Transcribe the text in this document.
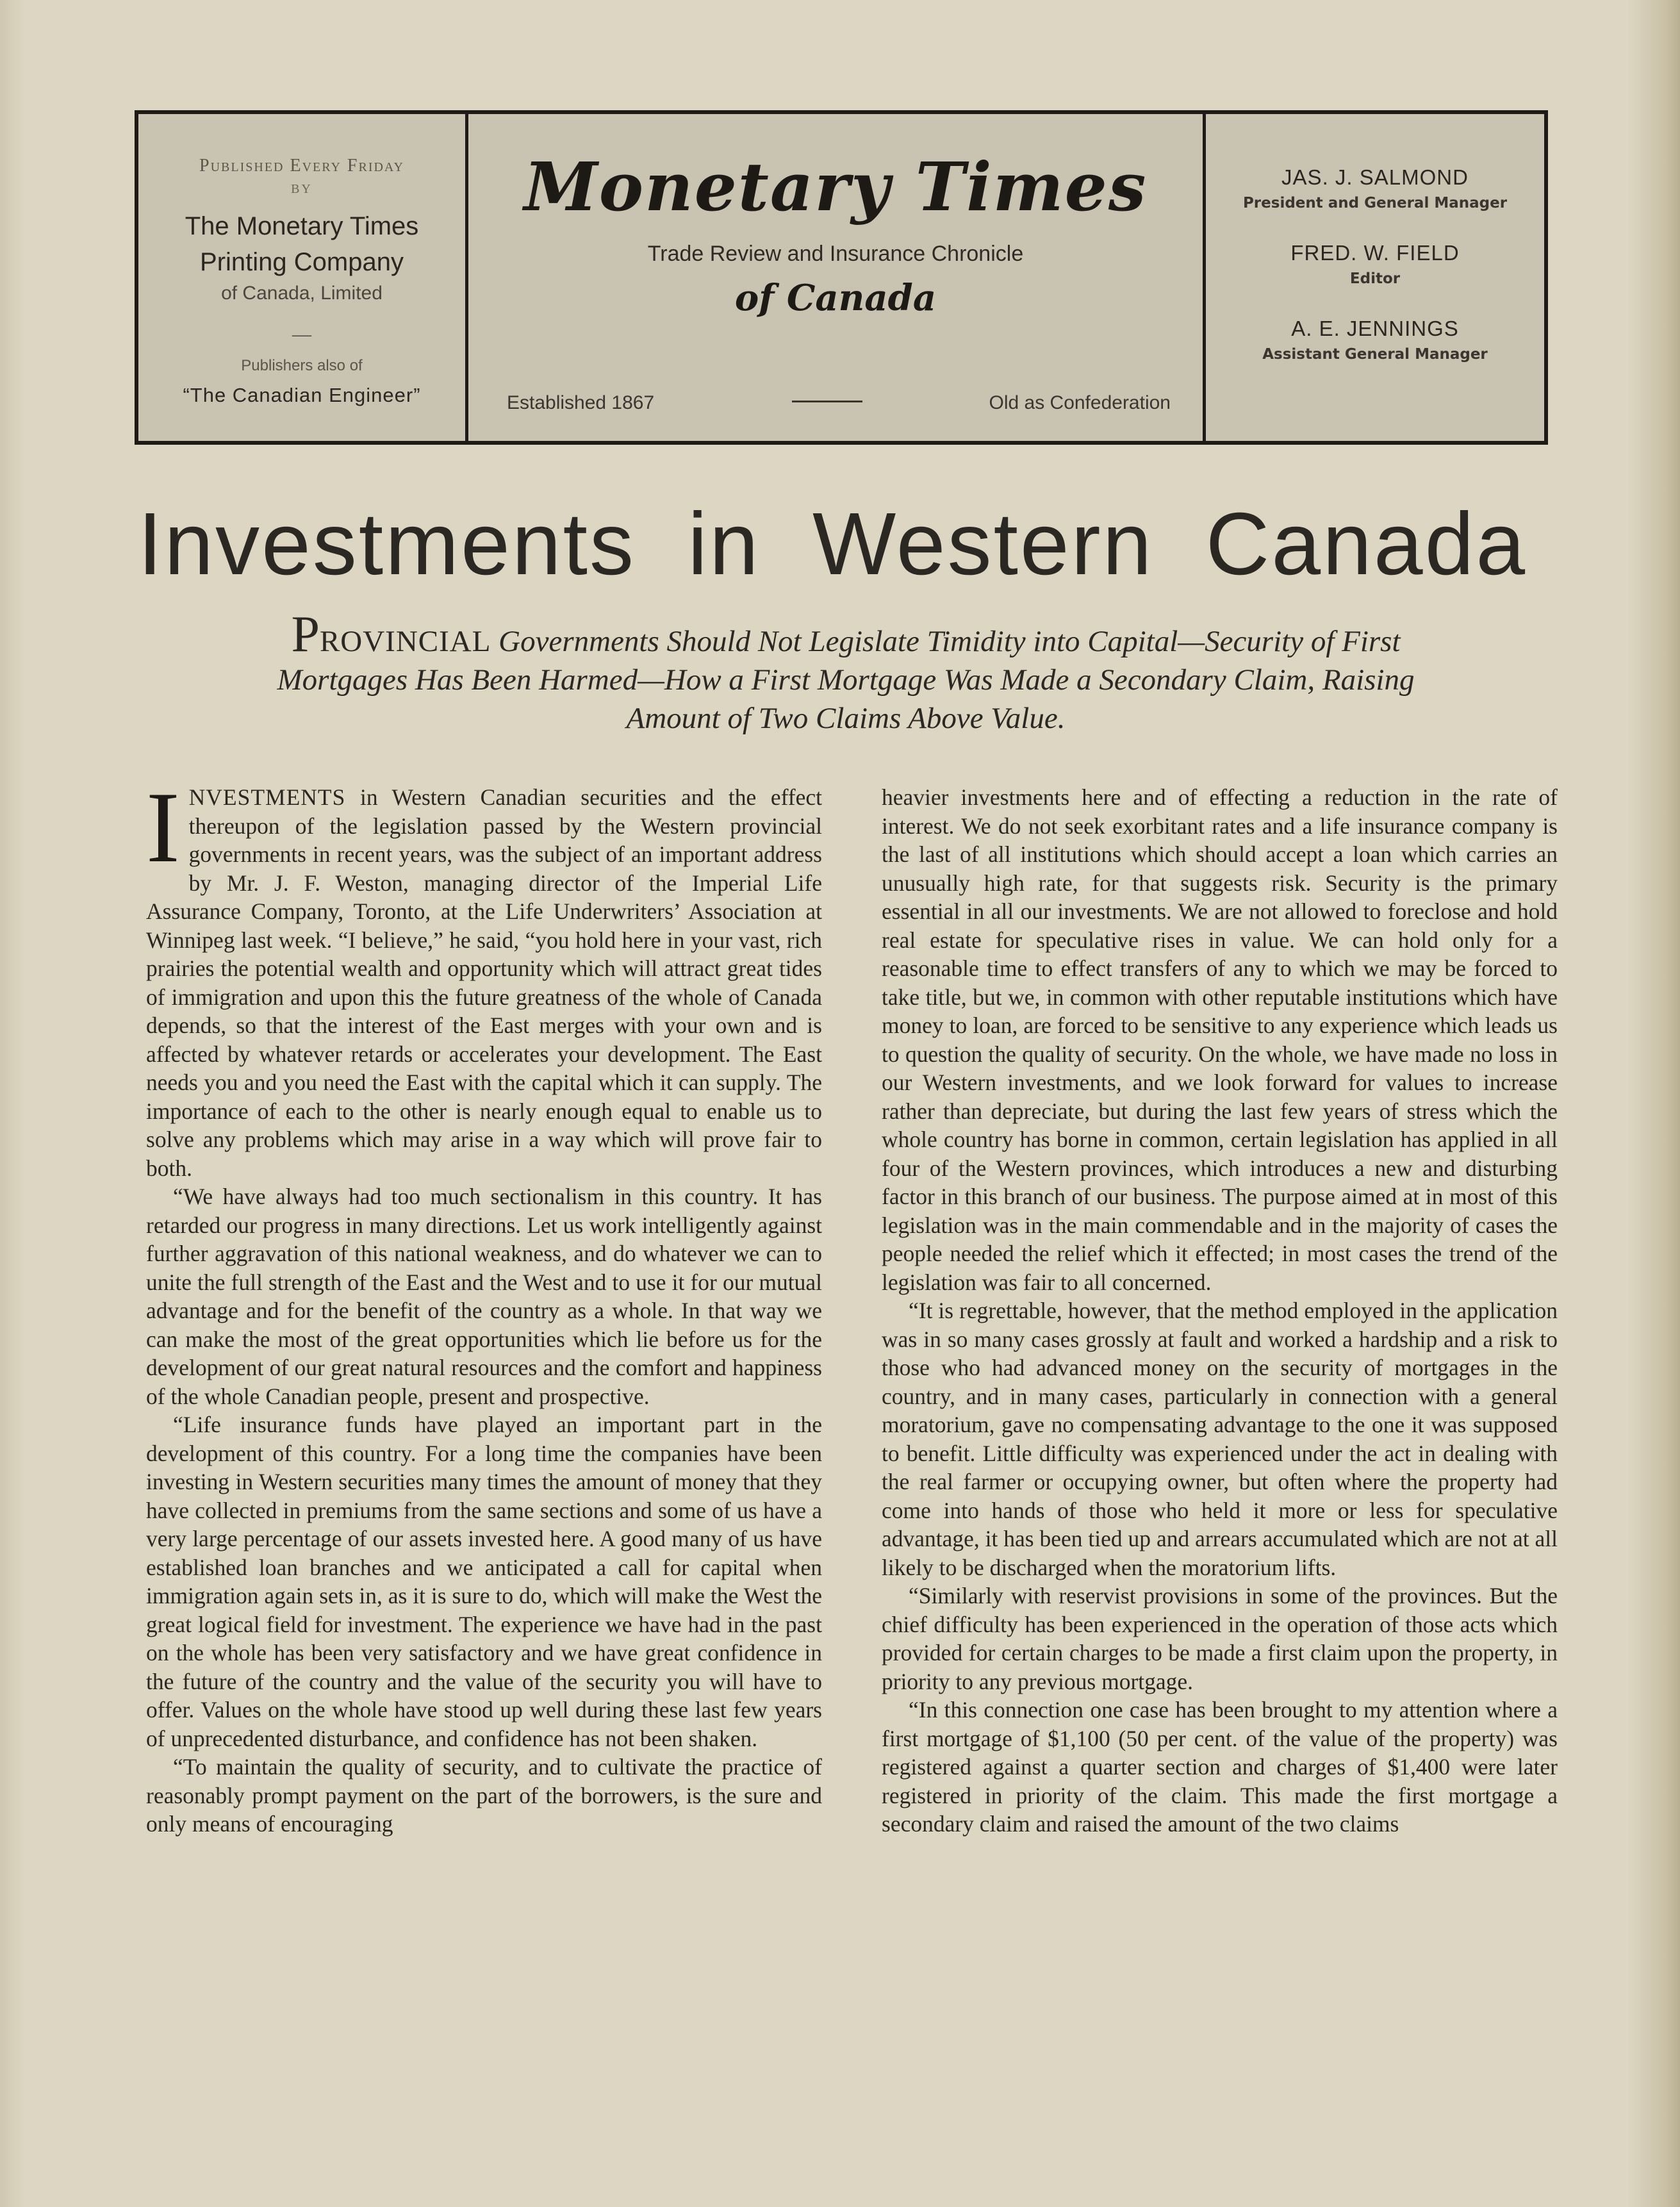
Published Every Friday
BY
The Monetary Times
Printing Company
of Canada, Limited
—
Publishers also of
“The Canadian Engineer”
Monetary Times
Trade Review and Insurance Chronicle
of Canada
Established 1867	Old as Confederation
JAS. J. SALMOND
President and General Manager
FRED. W. FIELD
Editor
A. E. JENNINGS
Assistant General Manager
Investments in Western Canada
PROVINCIAL Governments Should Not Legislate Timidity into Capital—Security of First Mortgages Has Been Harmed—How a First Mortgage Was Made a Secondary Claim, Raising Amount of Two Claims Above Value.

INVESTMENTS in Western Canadian securities and the effect thereupon of the legislation passed by the Western provincial governments in recent years, was the subject of an important address by Mr. J. F. Weston, managing director of the Imperial Life Assurance Company, Toronto, at the Life Underwriters’ Association at Winnipeg last week. “I believe,” he said, “you hold here in your vast, rich prairies the potential wealth and opportunity which will attract great tides of immigration and upon this the future greatness of the whole of Canada depends, so that the interest of the East merges with your own and is affected by whatever retards or accelerates your development. The East needs you and you need the East with the capital which it can supply. The importance of each to the other is nearly enough equal to enable us to solve any problems which may arise in a way which will prove fair to both.

“We have always had too much sectionalism in this country. It has retarded our progress in many directions. Let us work intelligently against further aggravation of this national weakness, and do whatever we can to unite the full strength of the East and the West and to use it for our mutual advantage and for the benefit of the country as a whole. In that way we can make the most of the great opportunities which lie before us for the development of our great natural resources and the comfort and happiness of the whole Canadian people, present and prospective.

“Life insurance funds have played an important part in the development of this country. For a long time the companies have been investing in Western securities many times the amount of money that they have collected in premiums from the same sections and some of us have a very large percentage of our assets invested here. A good many of us have established loan branches and we anticipated a call for capital when immigration again sets in, as it is sure to do, which will make the West the great logical field for investment. The experience we have had in the past on the whole has been very satisfactory and we have great confidence in the future of the country and the value of the security you will have to offer. Values on the whole have stood up well during these last few years of unprecedented disturbance, and confidence has not been shaken.

“To maintain the quality of security, and to cultivate the practice of reasonably prompt payment on the part of the borrowers, is the sure and only means of encouraging

heavier investments here and of effecting a reduction in the rate of interest. We do not seek exorbitant rates and a life insurance company is the last of all institutions which should accept a loan which carries an unusually high rate, for that suggests risk. Security is the primary essential in all our investments. We are not allowed to foreclose and hold real estate for speculative rises in value. We can hold only for a reasonable time to effect transfers of any to which we may be forced to take title, but we, in common with other reputable institutions which have money to loan, are forced to be sensitive to any experience which leads us to question the quality of security. On the whole, we have made no loss in our Western investments, and we look forward for values to increase rather than depreciate, but during the last few years of stress which the whole country has borne in common, certain legislation has applied in all four of the Western provinces, which introduces a new and disturbing factor in this branch of our business. The purpose aimed at in most of this legislation was in the main commendable and in the majority of cases the people needed the relief which it effected; in most cases the trend of the legislation was fair to all concerned.

“It is regrettable, however, that the method employed in the application was in so many cases grossly at fault and worked a hardship and a risk to those who had advanced money on the security of mortgages in the country, and in many cases, particularly in connection with a general moratorium, gave no compensating advantage to the one it was supposed to benefit. Little difficulty was experienced under the act in dealing with the real farmer or occupying owner, but often where the property had come into hands of those who held it more or less for speculative advantage, it has been tied up and arrears accumulated which are not at all likely to be discharged when the moratorium lifts.

“Similarly with reservist provisions in some of the provinces. But the chief difficulty has been experienced in the operation of those acts which provided for certain charges to be made a first claim upon the property, in priority to any previous mortgage.

“In this connection one case has been brought to my attention where a first mortgage of $1,100 (50 per cent. of the value of the property) was registered against a quarter section and charges of $1,400 were later registered in priority of the claim. This made the first mortgage a secondary claim and raised the amount of the two claims
